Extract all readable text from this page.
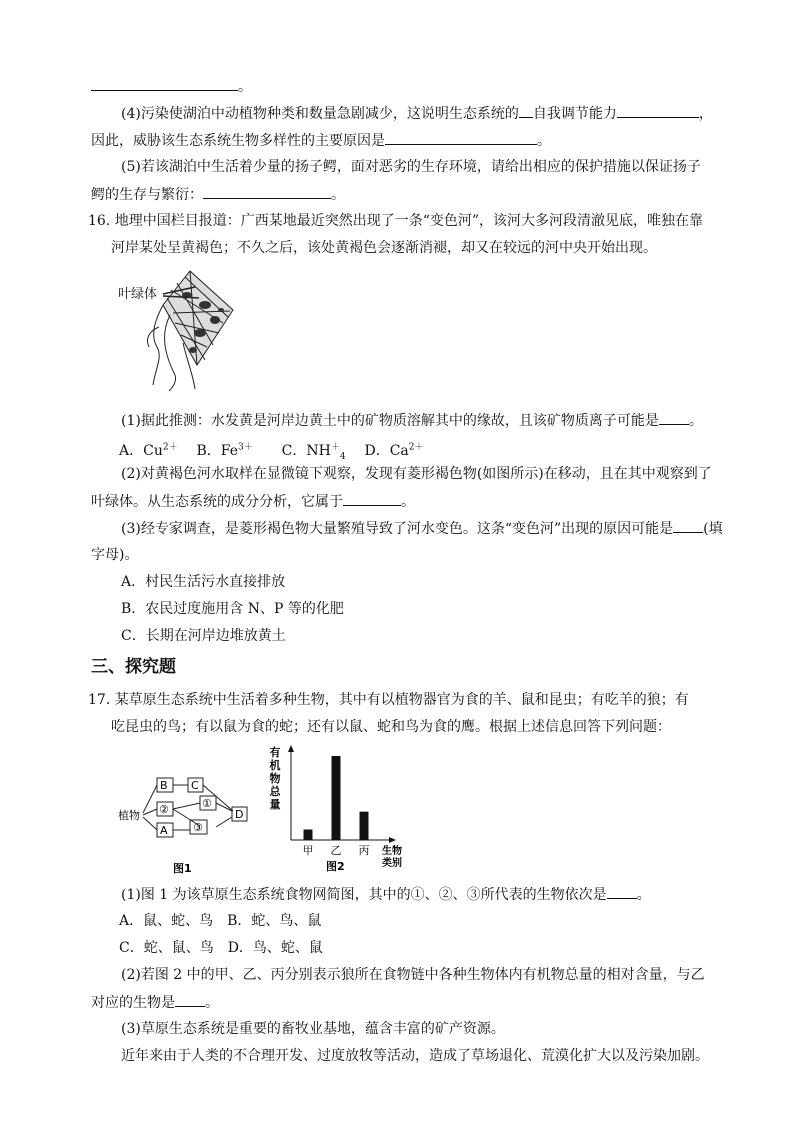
。
(4)污染使湖泊中动植物种类和数量急剧减少，这说明生态系统的 自我调节能力	，
因此，威胁该生态系统生物多样性的主要原因是	。
(5)若该湖泊中生活着少量的扬子鳄，面对恶劣的生存环境，请给出相应的保护措施以保证扬子
鳄的生存与繁衍：	。
16. 地理中国栏目报道：广西某地最近突然出现了一条“变色河”，该河大多河段清澈见底，唯独在靠
河岸某处呈黄褐色；不久之后，该处黄褐色会逐渐消褪，却又在较远的河中央开始出现。
叶绿体
(1)据此推测：水发黄是河岸边黄土中的矿物质溶解其中的缘故，且该矿物质离子可能是 。
A．$Cu^{2+}$ B．$Fe^{3+}$ C．$NH^+_4$ D．$Ca^{2+}$
(2)对黄褐色河水取样在显微镜下观察，发现有菱形褐色物(如图所示)在移动，且在其中观察到了
叶绿体。从生态系统的成分分析，它属于	。
(3)经专家调查，是菱形褐色物大量繁殖导致了河水变色。这条“变色河”出现的原因可能是 (填
字母)。
A．村民生活污水直接排放
B．农民过度施用含 N、P 等的化肥
C．长期在河岸边堆放黄土
三、探究题
17. 某草原生态系统中生活着多种生物，其中有以植物器官为食的羊、鼠和昆虫；有吃羊的狼；有
吃昆虫的鸟；有以鼠为食的蛇；还有以鼠、蛇和鸟为食的鹰。根据上述信息回答下列问题：
植物
B C
②	①
A ③
D
图1
有
机
物
总
量
甲 乙 丙 生物
类别
图2
(1)图 1 为该草原生态系统食物网简图，其中的①、②、③所代表的生物依次是 。
A．鼠、蛇、鸟　B．蛇、鸟、鼠
C．蛇、鼠、鸟　D．鸟、蛇、鼠
(2)若图 2 中的甲、乙、丙分别表示狼所在食物链中各种生物体内有机物总量的相对含量，与乙
对应的生物是 。
(3)草原生态系统是重要的畜牧业基地，蕴含丰富的矿产资源。
近年来由于人类的不合理开发、过度放牧等活动，造成了草场退化、荒漠化扩大以及污染加剧。
